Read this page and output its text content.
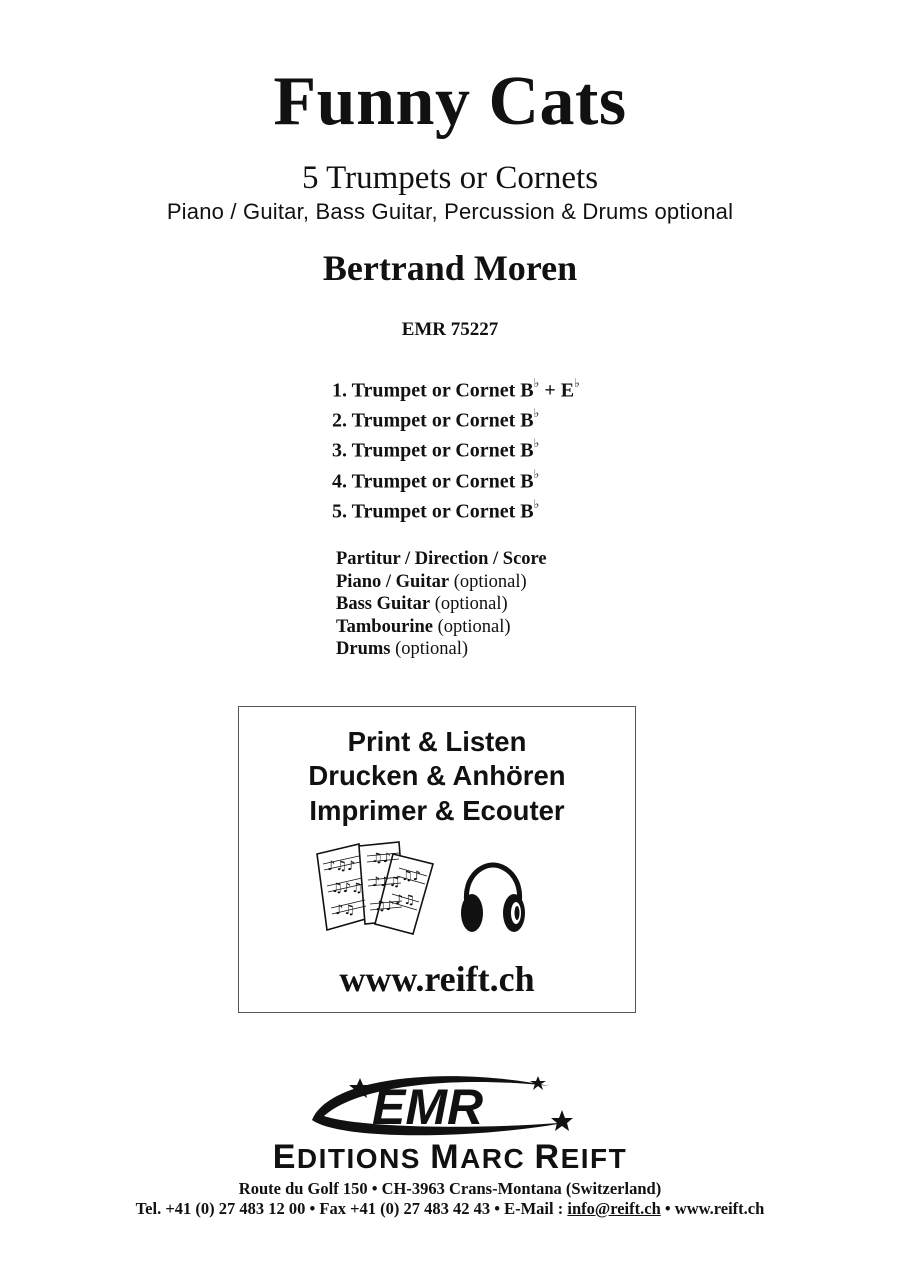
Funny Cats
5 Trumpets or Cornets
Piano / Guitar, Bass Guitar, Percussion & Drums optional
Bertrand Moren
EMR 75227
1. Trumpet or Cornet B♭ + E♭
2. Trumpet or Cornet B♭
3. Trumpet or Cornet B♭
4. Trumpet or Cornet B♭
5. Trumpet or Cornet B♭
Partitur / Direction / Score
Piano / Guitar (optional)
Bass Guitar (optional)
Tambourine (optional)
Drums (optional)
Print & Listen
Drucken & Anhören
Imprimer & Ecouter
♪♫♪
♫♪♫
♪♫
♫♪
♪♪♫
♫♪
♫♪
♪♫
www.reift.ch
EMR
EDITIONS MARC REIFT
Route du Golf 150 • CH-3963 Crans-Montana (Switzerland)
Tel. +41 (0) 27 483 12 00 • Fax +41 (0) 27 483 42 43 • E-Mail : info@reift.ch • www.reift.ch
